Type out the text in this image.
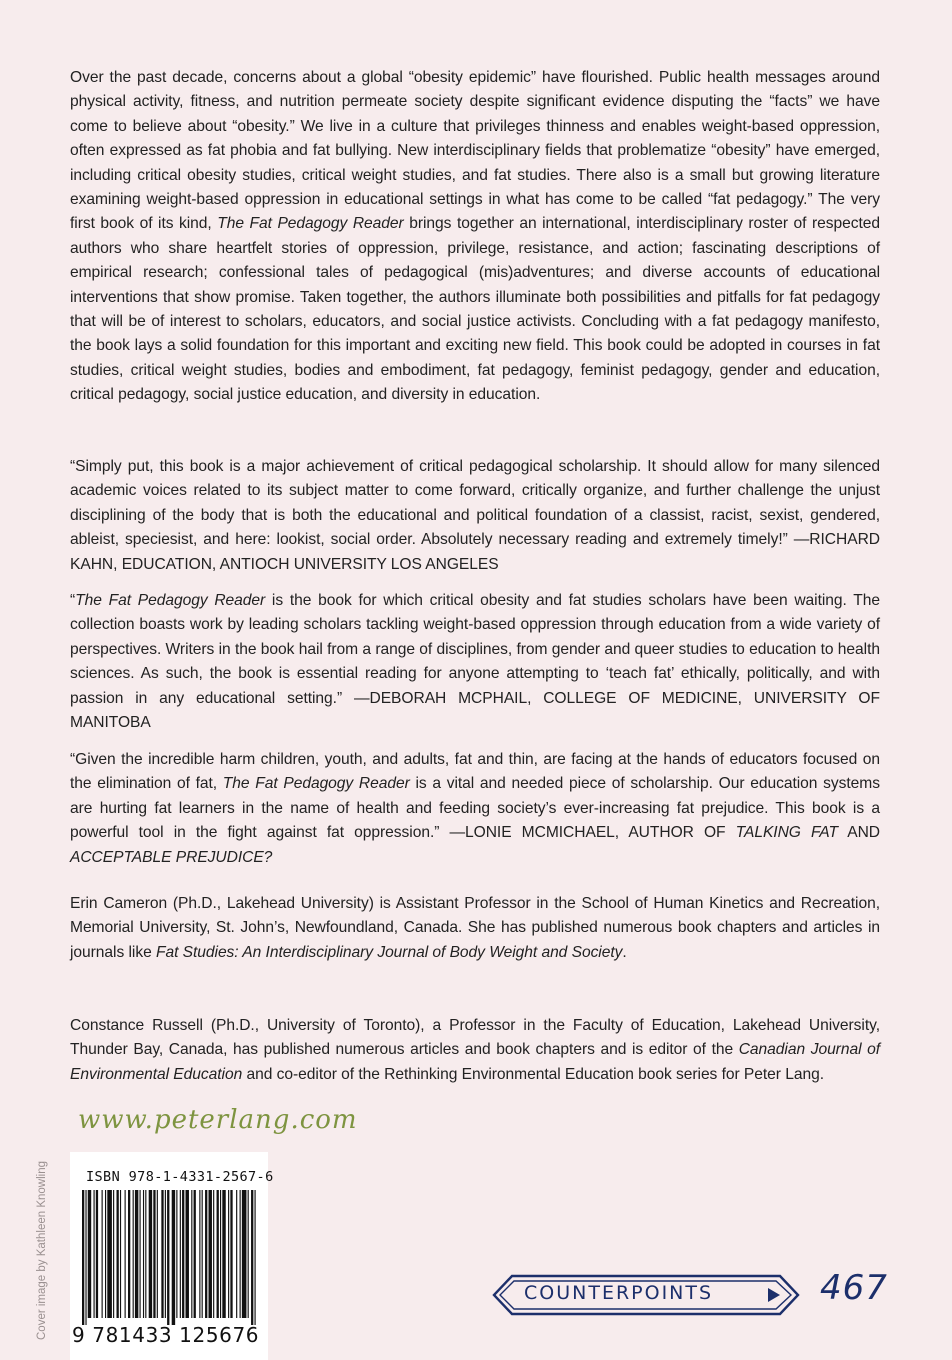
Over the past decade, concerns about a global “obesity epidemic” have flourished. Public health messages around physical activity, fitness, and nutrition permeate society despite significant evidence disputing the “facts” we have come to believe about “obesity.” We live in a culture that privileges thinness and enables weight-based oppression, often expressed as fat phobia and fat bullying. New interdisciplinary fields that problematize “obesity” have emerged, including critical obesity studies, critical weight studies, and fat studies. There also is a small but growing literature examining weight-based oppression in educational settings in what has come to be called “fat pedagogy.” The very first book of its kind, The Fat Pedagogy Reader brings together an international, interdisciplinary roster of respected authors who share heartfelt stories of oppression, privilege, resistance, and action; fascinating descriptions of empirical research; confessional tales of pedagogical (mis)adventures; and diverse accounts of educational interventions that show promise. Taken together, the authors illuminate both possibilities and pitfalls for fat pedagogy that will be of interest to scholars, educators, and social justice activists. Concluding with a fat pedagogy manifesto, the book lays a solid foundation for this important and exciting new field. This book could be adopted in courses in fat studies, critical weight studies, bodies and embodiment, fat pedagogy, feminist pedagogy, gender and education, critical pedagogy, social justice education, and diversity in education.

“Simply put, this book is a major achievement of critical pedagogical scholarship. It should allow for many silenced academic voices related to its subject matter to come forward, critically organize, and further challenge the unjust disciplining of the body that is both the educational and political foundation of a classist, racist, sexist, gendered, ableist, speciesist, and here: lookist, social order. Absolutely necessary reading and extremely timely!” —RICHARD KAHN, EDUCATION, ANTIOCH UNIVERSITY LOS ANGELES

“The Fat Pedagogy Reader is the book for which critical obesity and fat studies scholars have been waiting. The collection boasts work by leading scholars tackling weight-based oppression through education from a wide variety of perspectives. Writers in the book hail from a range of disciplines, from gender and queer studies to education to health sciences. As such, the book is essential reading for anyone attempting to ‘teach fat’ ethically, politically, and with passion in any educational setting.” —DEBORAH MCPHAIL, COLLEGE OF MEDICINE, UNIVERSITY OF MANITOBA

“Given the incredible harm children, youth, and adults, fat and thin, are facing at the hands of educators focused on the elimination of fat, The Fat Pedagogy Reader is a vital and needed piece of scholarship. Our education systems are hurting fat learners in the name of health and feeding society’s ever-increasing fat prejudice. This book is a powerful tool in the fight against fat oppression.” —LONIE MCMICHAEL, AUTHOR OF TALKING FAT AND ACCEPTABLE PREJUDICE?

Erin Cameron (Ph.D., Lakehead University) is Assistant Professor in the School of Human Kinetics and Recreation, Memorial University, St. John’s, Newfoundland, Canada. She has published numerous book chapters and articles in journals like Fat Studies: An Interdisciplinary Journal of Body Weight and Society.

Constance Russell (Ph.D., University of Toronto), a Professor in the Faculty of Education, Lakehead University, Thunder Bay, Canada, has published numerous articles and book chapters and is editor of the Canadian Journal of Environmental Education and co-editor of the Rethinking Environmental Education book series for Peter Lang.

Cover image by Kathleen Knowling
www.peterlang.com
ISBN 978-1-4331-2567-6
9 781433 125676
COUNTERPOINTS	467
